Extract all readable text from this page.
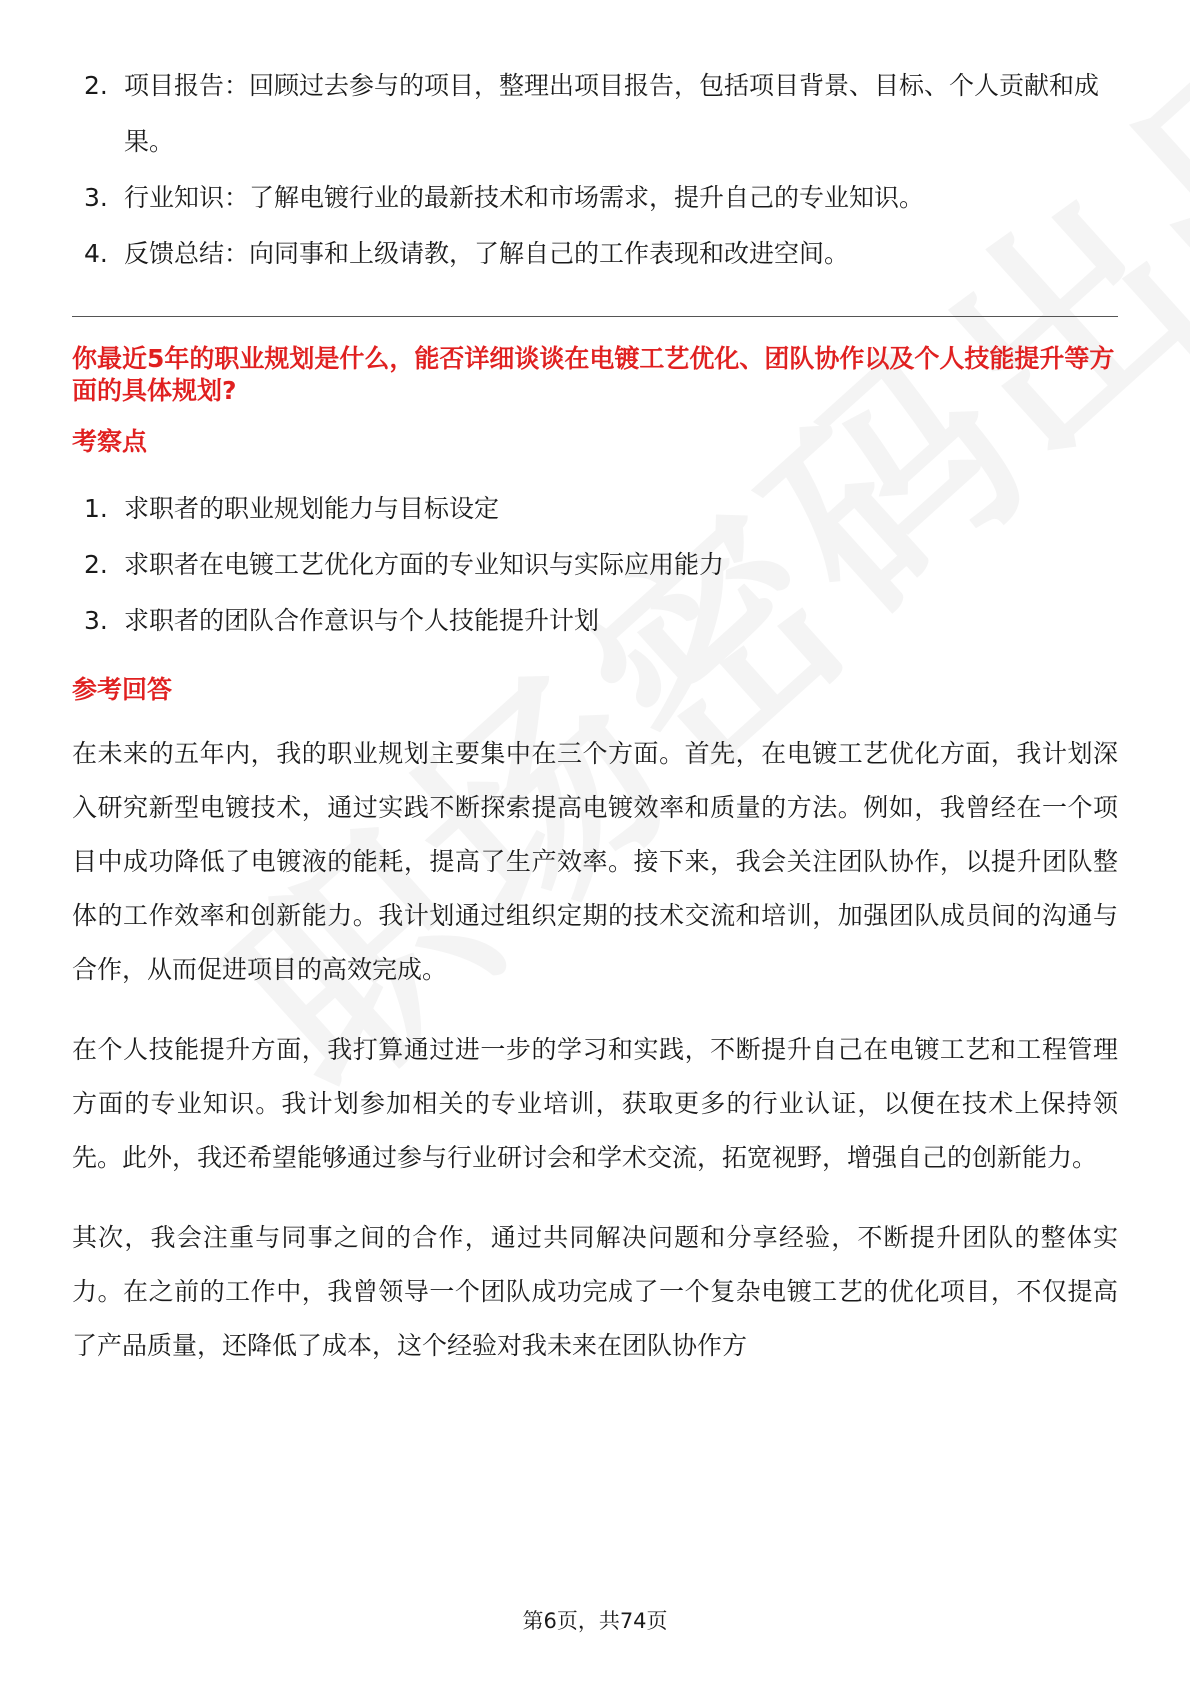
2. 项目报告：回顾过去参与的项目，整理出项目报告，包括项目背景、目标、个人贡献和成果。
3. 行业知识：了解电镀行业的最新技术和市场需求，提升自己的专业知识。
4. 反馈总结：向同事和上级请教，了解自己的工作表现和改进空间。
你最近5年的职业规划是什么，能否详细谈谈在电镀工艺优化、团队协作以及个人技能提升等方面的具体规划?
考察点
1. 求职者的职业规划能力与目标设定
2. 求职者在电镀工艺优化方面的专业知识与实际应用能力
3. 求职者的团队合作意识与个人技能提升计划
参考回答

在未来的五年内，我的职业规划主要集中在三个方面。首先，在电镀工艺优化方面，我计划深入研究新型电镀技术，通过实践不断探索提高电镀效率和质量的方法。例如，我曾经在一个项目中成功降低了电镀液的能耗，提高了生产效率。接下来，我会关注团队协作，以提升团队整体的工作效率和创新能力。我计划通过组织定期的技术交流和培训，加强团队成员间的沟通与合作，从而促进项目的高效完成。

在个人技能提升方面，我打算通过进一步的学习和实践，不断提升自己在电镀工艺和工程管理方面的专业知识。我计划参加相关的专业培训，获取更多的行业认证，以便在技术上保持领先。此外，我还希望能够通过参与行业研讨会和学术交流，拓宽视野，增强自己的创新能力。

其次，我会注重与同事之间的合作，通过共同解决问题和分享经验，不断提升团队的整体实力。在之前的工作中，我曾领导一个团队成功完成了一个复杂电镀工艺的优化项目，不仅提高了产品质量，还降低了成本，这个经验对我未来在团队协作方

第6页，共74页
